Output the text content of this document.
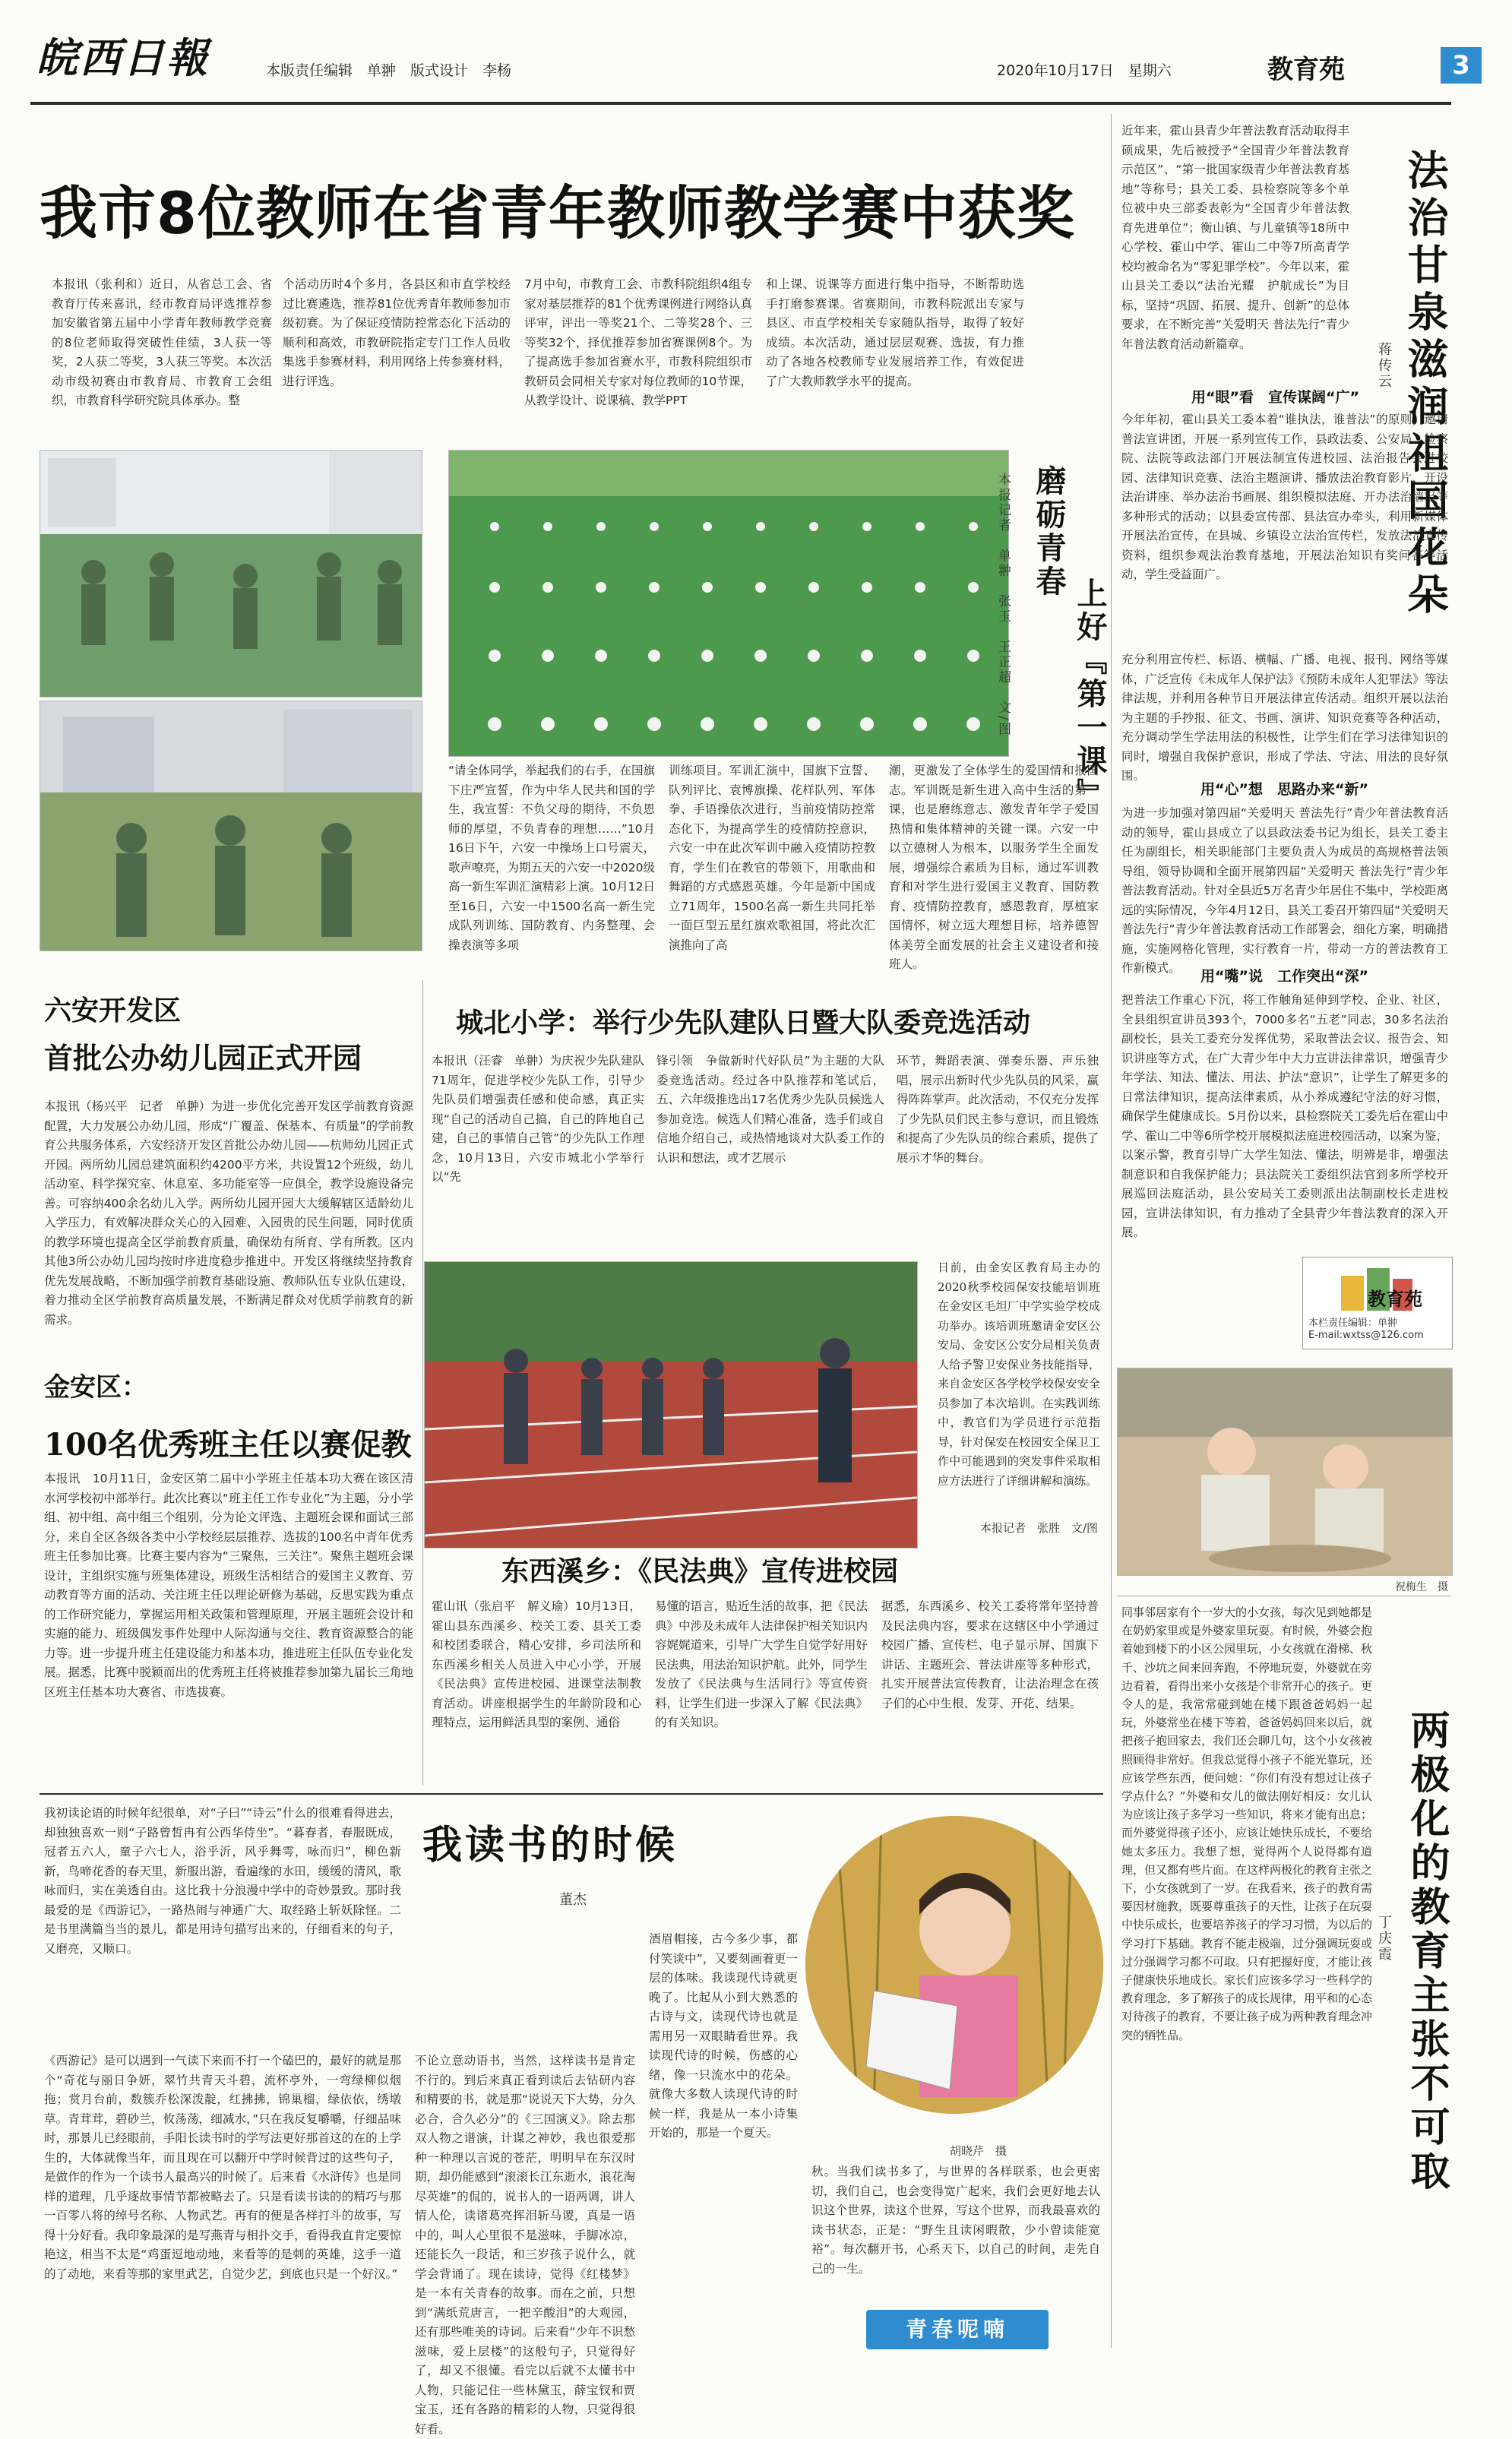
皖西日報	本版责任编辑　单翀　版式设计　李杨	2020年10月17日　星期六	教育苑	3
我市8位教师在省青年教师教学赛中获奖
本报讯（张利和）近日，从省总工会、省教育厅传来喜讯，经市教育局评选推荐参加安徽省第五届中小学青年教师教学竞赛的8位老师取得突破性佳绩，3人获一等奖，2人获二等奖，3人获三等奖。本次活动市级初赛由市教育局、市教育工会组织，市教育科学研究院具体承办。整
个活动历时4个多月，各县区和市直学校经过比赛遴选，推荐81位优秀青年教师参加市级初赛。为了保证疫情防控常态化下活动的顺利和高效，市教研院指定专门工作人员收集选手参赛材料，利用网络上传参赛材料，进行评选。
7月中旬，市教育工会、市教科院组织4组专家对基层推荐的81个优秀课例进行网络认真评审，评出一等奖21个、二等奖28个、三等奖32个，择优推荐参加省赛课例8个。为了提高选手参加省赛水平，市教科院组织市教研员会同相关专家对每位教师的10节课，从教学设计、说课稿、教学PPT
和上课、说课等方面进行集中指导，不断帮助选手打磨参赛课。省赛期间，市教科院派出专家与县区、市直学校相关专家随队指导，取得了较好成绩。本次活动，通过层层观赛、选拔，有力推动了各地各校教师专业发展培养工作，有效促进了广大教师教学水平的提高。
磨砺青春
上好『第一课』
本报记者　单翀　张玉　王正超　文/图
“请全体同学，举起我们的右手，在国旗下庄严宣誓，作为中华人民共和国的学生，我宣誓：不负父母的期待，不负恩师的厚望，不负青春的理想……”10月16日下午，六安一中操场上口号震天，歌声嘹亮，为期五天的六安一中2020级高一新生军训汇演精彩上演。10月12日至16日，六安一中1500名高一新生完成队列训练、国防教育、内务整理、会操表演等多项
训练项目。军训汇演中，国旗下宣誓、队列评比、袁博旗操、花样队列、军体拳、手语操依次进行，当前疫情防控常态化下，为提高学生的疫情防控意识，六安一中在此次军训中融入疫情防控教育，学生们在教官的带领下，用歌曲和舞蹈的方式感恩英雄。今年是新中国成立71周年，1500名高一新生共同托举一面巨型五星红旗欢歌祖国，将此次汇演推向了高
潮，更激发了全体学生的爱国情和报国志。军训既是新生进入高中生活的第一课，也是磨练意志、激发青年学子爱国热情和集体精神的关键一课。六安一中以立德树人为根本，以服务学生全面发展，增强综合素质为目标，通过军训教育和对学生进行爱国主义教育、国防教育、疫情防控教育，感恩教育，厚植家国情怀，树立远大理想目标，培养德智体美劳全面发展的社会主义建设者和接班人。
六安开发区
首批公办幼儿园正式开园
本报讯（杨兴平　记者　单翀）为进一步优化完善开发区学前教育资源配置，大力发展公办幼儿园，形成“广覆盖、保基本、有质量”的学前教育公共服务体系，六安经济开发区首批公办幼儿园——杭师幼儿园正式开园。两所幼儿园总建筑面积约4200平方米，共设置12个班级，幼儿活动室、科学探究室、休息室、多功能室等一应俱全，教学设施设备完善。可容纳400余名幼儿入学。两所幼儿园开园大大缓解辖区适龄幼儿入学压力，有效解决群众关心的入园难、入园贵的民生问题，同时优质的教学环境也提高全区学前教育质量，确保幼有所育、学有所教。区内其他3所公办幼儿园均按时序进度稳步推进中。开发区将继续坚持教育优先发展战略，不断加强学前教育基础设施、教师队伍专业队伍建设，着力推动全区学前教育高质量发展，不断满足群众对优质学前教育的新需求。
城北小学：举行少先队建队日暨大队委竞选活动
本报讯（汪睿　单翀）为庆祝少先队建队71周年，促进学校少先队工作，引导少先队员们增强责任感和使命感，真正实现“自己的活动自己搞，自己的阵地自己建，自己的事情自己管”的少先队工作理念，10月13日，六安市城北小学举行以“先
锋引领　争做新时代好队员”为主题的大队委竞选活动。经过各中队推荐和笔试后，五、六年级推选出17名优秀少先队员候选人参加竞选。候选人们精心准备，选手们或自信地介绍自己，或热情地谈对大队委工作的认识和想法，或才艺展示
环节，舞蹈表演、弹奏乐器、声乐独唱，展示出新时代少先队员的风采，赢得阵阵掌声。此次活动，不仅充分发挥了少先队员们民主参与意识，而且锻炼和提高了少先队员的综合素质，提供了展示才华的舞台。
日前，由金安区教育局主办的2020秋季校园保安技能培训班在金安区毛坦厂中学实验学校成功举办。该培训班邀请金安区公安局、金安区公安分局相关负责人给予警卫安保业务技能指导，来自金安区各学校学校保安安全员参加了本次培训。在实践训练中，教官们为学员进行示范指导，针对保安在校园安全保卫工作中可能遇到的突发事件采取相应方法进行了详细讲解和演练。
本报记者　张胜　文/图
金安区：
100名优秀班主任以赛促教
本报讯　10月11日，金安区第二届中小学班主任基本功大赛在该区清水河学校初中部举行。此次比赛以“班主任工作专业化”为主题，分小学组、初中组、高中组三个组别，分为论文评选、主题班会课和面试三部分，来自全区各级各类中小学校经层层推荐、选拔的100名中青年优秀班主任参加比赛。比赛主要内容为“三聚焦，三关注”。聚焦主题班会课设计，主组织实施与班集体建设，班级生活相结合的爱国主义教育、劳动教育等方面的活动、关注班主任以理论研修为基础，反思实践为重点的工作研究能力，掌握运用相关政策和管理原理，开展主题班会设计和实施的能力、班级偶发事件处理中人际沟通与交往、教育资源整合的能力等。进一步提升班主任建设能力和基本功，推进班主任队伍专业化发展。据悉，比赛中脱颖而出的优秀班主任将被推荐参加第九届长三角地区班主任基本功大赛省、市选拔赛。
东西溪乡：《民法典》宣传进校园
霍山讯（张启平　解义瑜）10月13日，霍山县东西溪乡、校关工委、县关工委和校团委联合，精心安排，乡司法所和东西溪乡相关人员进入中心小学，开展《民法典》宣传进校园、进课堂法制教育活动。讲座根据学生的年龄阶段和心理特点，运用鲜活具型的案例、通俗
易懂的语言，贴近生活的故事，把《民法典》中涉及未成年人法律保护相关知识内容娓娓道来，引导广大学生自觉学好用好民法典，用法治知识护航。此外，同学生发放了《民法典与生活同行》等宣传资料，让学生们进一步深入了解《民法典》的有关知识。
据悉，东西溪乡、校关工委将常年坚持普及民法典内容，要求在这辖区中小学通过校园广播、宣传栏、电子显示屏、国旗下讲话、主题班会、普法讲座等多种形式，扎实开展普法宣传教育，让法治理念在孩子们的心中生根、发芽、开花、结果。
我读书的时候
董杰
我初读论语的时候年纪很单，对“子曰”“诗云”什么的很难看得进去，却独独喜欢一则“子路曾皙冉有公西华侍坐”。“暮春者，春服既成，冠者五六人，童子六七人，浴乎沂，风乎舞雩，咏而归”，柳色新新，鸟啼花香的春天里，新服出游，看遍缘的水田，缓缓的清风，歌咏而归，实在美透自由。这比我十分浪漫中学中的奇妙景致。那时我最爱的是《西游记》，一路热闹与神通广大、取经路上斩妖除怪。二是书里满篇当当的景儿，都是用诗句描写出来的，仔细看来的句子，又磨亮，又顺口。
《西游记》是可以遇到一气读下来而不打一个磕巴的，最好的就是那个“奇花与丽日争妍，翠竹共青天斗碧，流杯亭外，一弯绿柳似烟拖；赏月台前，数簇乔松深泼靛，红拂拂，锦巢榴，绿依依，绣墩草。青茸茸，碧砂兰，攸荡荡，细减水，”只在我反复嚼嚼，仔细品味时，那景儿已经眼前，手阳长读书时的学写法更好那首这的在的上学生的，大体就像当年，而且现在可以翻开中学时候背过的这些句子，是做作的作为一个读书人最高兴的时候了。后来看《水浒传》也是同样的道理，几乎逐故事情节都被略去了。只是看读书读的的精巧与那一百零八将的绰号名称、人物武艺。再有的便是各样打斗的故事，写得十分好看。我印象最深的是写燕青与相扑交手，看得我直肯定要惊艳这，相当不太是“鸡蛋逗地动地，来看等的是刺的英雄，这手一道的了动地，来看等那的家里武艺，自觉少艺，到底也只是一个好汉。”
不论立意动语书，当然，这样读书是肯定不行的。到后来真正看到读后去钻研内容和精要的书，就是那“说说天下大势，分久必合，合久必分”的《三国演义》。除去那双人物之谱演，计谋之神妙，我也很爱那种一种理以言说的苍茫，明明早在东汉时期，却仍能感到“滚滚长江东逝水，浪花淘尽英雄”的侃的，说书人的一语两调，讲人情人伦，读诸葛亮挥泪斩马谡，真是一语中的，叫人心里很不是滋味，手脚冰凉，还能长久一段话，和三岁孩子说什么，就学会背诵了。现在读诗，觉得《红楼梦》是一本有关青春的故事。而在之前，只想到“满纸荒唐言，一把辛酸泪”的大观园，还有那些唯美的诗词。后来看“少年不识愁滋味，爱上层楼”的这般句子，只觉得好了，却又不很懂。看完以后就不太懂书中人物，只能记住一些林黛玉，薛宝钗和贾宝玉，还有各路的精彩的人物，只觉得很好看。
酒眉帽接，古今多少事，都付笑谈中”，又要刻画着更一层的体味。我读现代诗就更晚了。比起从小到大熟悉的古诗与文，读现代诗也就是需用另一双眼睛看世界。我读现代诗的时候，伤感的心绪，像一只流水中的花朵。就像大多数人读现代诗的时候一样，我是从一本小诗集开始的，那是一个夏天。
胡晓芹　摄
秋。当我们读书多了，与世界的各样联系，也会更密切，我们自己，也会变得宽广起来，我们会更好地去认识这个世界，读这个世界，写这个世界，而我最喜欢的读书状态，正是：“野生且读闲暇散，少小曾读能宽裕”。每次翻开书，心系天下，以自己的时间，走先自己的一生。
青春呢喃
近年来，霍山县青少年普法教育活动取得丰硕成果，先后被授予“全国青少年普法教育示范区”、“第一批国家级青少年普法教育基地”等称号；县关工委、县检察院等多个单位被中央三部委表彰为“全国青少年普法教育先进单位”；衡山镇、与儿童镇等18所中心学校、霍山中学、霍山二中等7所高青学校均被命名为“零犯罪学校”。今年以来，霍山县关工委以“法治光耀　护航成长”为目标，坚持“巩固、拓展、提升、创新”的总体要求，在不断完善“关爱明天 普法先行”青少年普法教育活动新篇章。	法治甘泉滋润祖国花朵
蒋传云
用“眼”看　宣传谋阔“广”
今年年初，霍山县关工委本着“谁执法，谁普法”的原则，邀请普法宣讲团，开展一系列宣传工作，县政法委、公安局、检察院、法院等政法部门开展法制宣传进校园、法治报告会进校园、法律知识竞赛、法治主题演讲、播放法治教育影片、开设法治讲座、举办法治书画展、组织模拟法庭、开办法治墙报等多种形式的活动；以县委宣传部、县法宣办牵头，利用新媒体开展法治宣传，在县城、乡镇设立法治宣传栏，发放法治宣传资料，组织参观法治教育基地，开展法治知识有奖问答等活动，学生受益面广。
充分利用宣传栏、标语、横幅、广播、电视、报刊、网络等媒体，广泛宣传《未成年人保护法》《预防未成年人犯罪法》等法律法规，并利用各种节日开展法律宣传活动。组织开展以法治为主题的手抄报、征文、书画、演讲、知识竞赛等各种活动，充分调动学生学法用法的积极性，让学生们在学习法律知识的同时，增强自我保护意识，形成了学法、守法、用法的良好氛围。
用“心”想　思路办来“新”
为进一步加强对第四届“关爱明天 普法先行”青少年普法教育活动的领导，霍山县成立了以县政法委书记为组长，县关工委主任为副组长，相关职能部门主要负责人为成员的高规格普法领导组，领导协调和全面开展第四届“关爱明天 普法先行”青少年普法教育活动。针对全县近5万名青少年居住不集中，学校距离远的实际情况，今年4月12日，县关工委召开第四届“关爱明天 普法先行”青少年普法教育活动工作部署会，细化方案，明确措施，实施网格化管理，实行教育一片，带动一方的普法教育工作新模式。	用“嘴”说　工作突出“深”
把普法工作重心下沉，将工作触角延伸到学校、企业、社区，全县组织宣讲员393个，7000多名“五老”同志，30多名法治副校长，县关工委充分发挥优势，采取普法会议、报告会、知识讲座等方式，在广大青少年中大力宣讲法律常识，增强青少年学法、知法、懂法、用法、护法“意识”，让学生了解更多的日常法律知识，提高法律素质，从小养成遵纪守法的好习惯，确保学生健康成长。5月份以来，县检察院关工委先后在霍山中学、霍山二中等6所学校开展模拟法庭进校园活动，以案为鉴，以案示警，教育引导广大学生知法、懂法，明辨是非，增强法制意识和自我保护能力；县法院关工委组织法官到多所学校开展巡回法庭活动，县公安局关工委则派出法制副校长走进校园，宣讲法律知识，有力推动了全县青少年普法教育的深入开展。
教育苑
本栏责任编辑：单翀
E-mail:wxtss@126.com
祝梅生　摄
同事邻居家有个一岁大的小女孩，每次见到她都是在奶奶家里或是外婆家里玩耍。有时候，外婆会抱着她到楼下的小区公园里玩，小女孩就在滑梯、秋千、沙坑之间来回奔跑，不停地玩耍，外婆就在旁边看着，看得出来小女孩是个非常开心的孩子。更令人的是，我常常碰到她在楼下跟爸爸妈妈一起玩，外婆常坐在楼下等着，爸爸妈妈回来以后，就把孩子抱回家去，我们还会聊几句，这个小女孩被照顾得非常好。但我总觉得小孩子不能光靠玩，还应该学些东西，便问她：“你们有没有想过让孩子学点什么？”外婆和女儿的做法刚好相反：女儿认为应该让孩子多学习一些知识，将来才能有出息；而外婆觉得孩子还小，应该让她快乐成长，不要给她太多压力。我想了想，觉得两个人说得都有道理，但又都有些片面。在这样两极化的教育主张之下，小女孩就到了一岁。在我看来，孩子的教育需要因材施教，既要尊重孩子的天性，让孩子在玩耍中快乐成长，也要培养孩子的学习习惯，为以后的学习打下基础。教育不能走极端，过分强调玩耍或过分强调学习都不可取。只有把握好度，才能让孩子健康快乐地成长。家长们应该多学习一些科学的教育理念，多了解孩子的成长规律，用平和的心态对待孩子的教育，不要让孩子成为两种教育理念冲突的牺牲品。	两极化的教育主张不可取
丁庆霞
